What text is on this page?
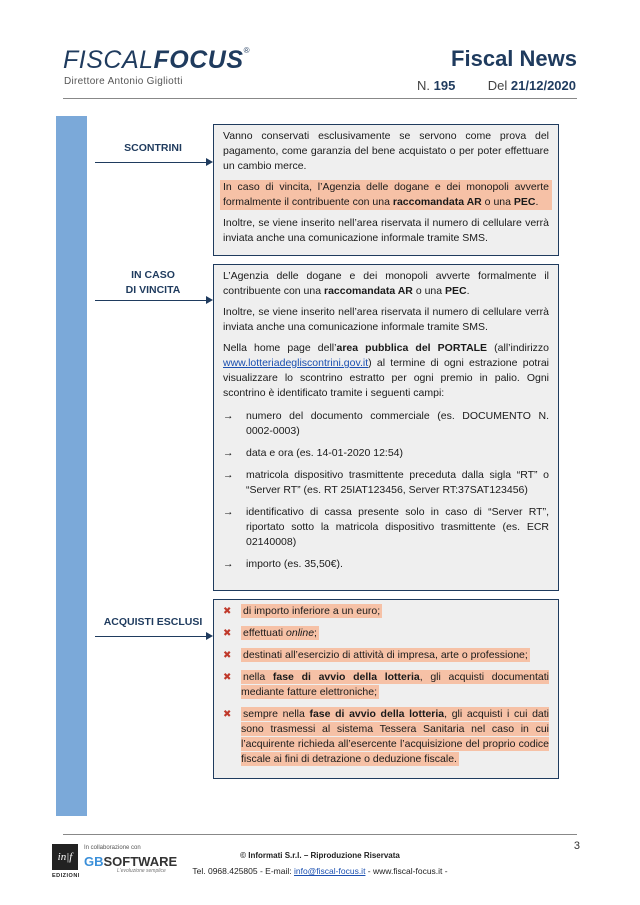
FISCALFOCUS®
Direttore Antonio Gigliotti
Fiscal News
N. 195 Del 21/12/2020
SCONTRINI

Vanno conservati esclusivamente se servono come prova del pagamento, come garanzia del bene acquistato o per poter effettuare un cambio merce.

In caso di vincita, l’Agenzia delle dogane e dei monopoli avverte formalmente il contribuente con una raccomandata AR o una PEC.

Inoltre, se viene inserito nell’area riservata il numero di cellulare verrà inviata anche una comunicazione informale tramite SMS.

IN CASO
DI VINCITA

L’Agenzia delle dogane e dei monopoli avverte formalmente il contribuente con una raccomandata AR o una PEC.

Inoltre, se viene inserito nell’area riservata il numero di cellulare verrà inviata anche una comunicazione informale tramite SMS.

Nella home page dell’area pubblica del PORTALE (all’indirizzo www.lotteriadegliscontrini.gov.it) al termine di ogni estrazione potrai visualizzare lo scontrino estratto per ogni premio in palio. Ogni scontrino è identificato tramite i seguenti campi:

→ numero del documento commerciale (es. DOCUMENTO N. 0002-0003)
→ data e ora (es. 14-01-2020 12:54)
→ matricola dispositivo trasmittente preceduta dalla sigla “RT” o “Server RT” (es. RT 25IAT123456, Server RT:37SAT123456)
→ identificativo di cassa presente solo in caso di “Server RT”, riportato sotto la matricola dispositivo trasmittente (es. ECR 02140008)
→ importo (es. 35,50€).
ACQUISTI ESCLUSI
✖ di importo inferiore a un euro;
✖ effettuati online;
✖ destinati all’esercizio di attività di impresa, arte o professione;
✖ nella fase di avvio della lotteria, gli acquisti documentati mediante fatture elettroniche;
✖ sempre nella fase di avvio della lotteria, gli acquisti i cui dati sono trasmessi al sistema Tessera Sanitaria nel caso in cui l’acquirente richieda all’esercente l’acquisizione del proprio codice fiscale ai fini di detrazione o deduzione fiscale.
3
in|f
EDIZIONI
In collaborazione con
GBSOFTWARE
L'evoluzione semplice
© Informati S.r.l. – Riproduzione Riservata
Tel. 0968.425805 - E-mail: info@fiscal-focus.it - www.fiscal-focus.it -
